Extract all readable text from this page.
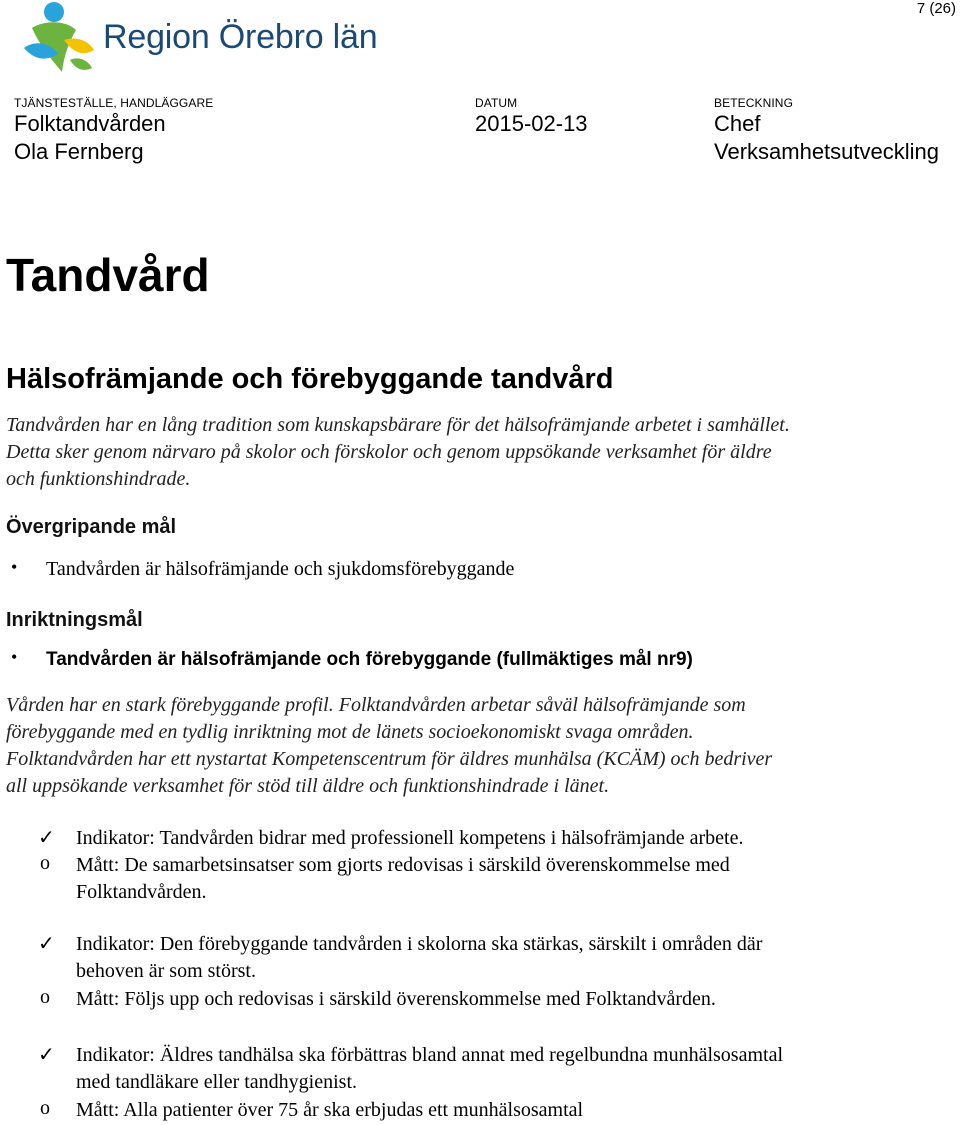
Region Örebro län
7 (26)
TJÄNSTESTÄLLE, HANDLÄGGARE
Folktandvården
Ola Fernberg
DATUM
2015-02-13
BETECKNING
Chef
Verksamhetsutveckling
Tandvård
Hälsofrämjande och förebyggande tandvård
Tandvården har en lång tradition som kunskapsbärare för det hälsofrämjande arbetet i samhället.
Detta sker genom närvaro på skolor och förskolor och genom uppsökande verksamhet för äldre
och funktionshindrade.
Övergripande mål
• Tandvården är hälsofrämjande och sjukdomsförebyggande
Inriktningsmål
• Tandvården är hälsofrämjande och förebyggande (fullmäktiges mål nr9)
Vården har en stark förebyggande profil. Folktandvården arbetar såväl hälsofrämjande som
förebyggande med en tydlig inriktning mot de länets socioekonomiskt svaga områden.
Folktandvården har ett nystartat Kompetenscentrum för äldres munhälsa (KCÄM) och bedriver
all uppsökande verksamhet för stöd till äldre och funktionshindrade i länet.
✓ Indikator: Tandvården bidrar med professionell kompetens i hälsofrämjande arbete.
o Mått: De samarbetsinsatser som gjorts redovisas i särskild överenskommelse med
Folktandvården.
✓ Indikator: Den förebyggande tandvården i skolorna ska stärkas, särskilt i områden där
behoven är som störst.
o Mått: Följs upp och redovisas i särskild överenskommelse med Folktandvården.
✓ Indikator: Äldres tandhälsa ska förbättras bland annat med regelbundna munhälsosamtal
med tandläkare eller tandhygienist.
o Mått: Alla patienter över 75 år ska erbjudas ett munhälsosamtal
